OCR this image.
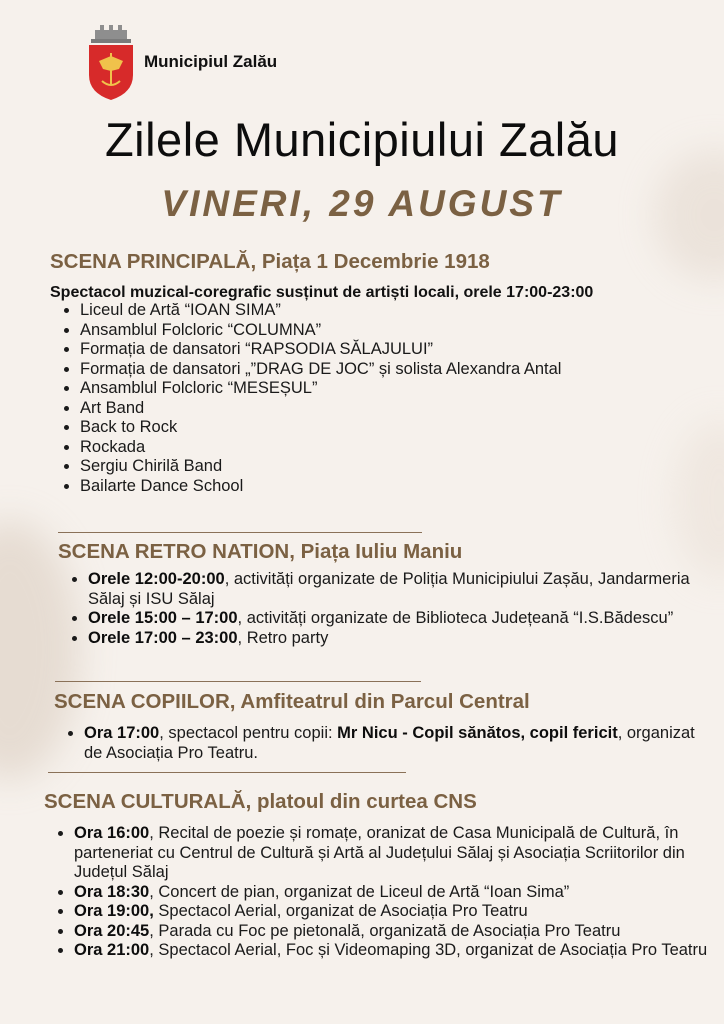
Municipiul Zalău
Zilele Municipiului Zalău
VINERI, 29 AUGUST
SCENA PRINCIPALĂ, Piața 1 Decembrie 1918
Spectacol muzical-coregrafic susținut de artiști locali, orele 17:00-23:00
• Liceul de Artă “IOAN SIMA”
• Ansamblul Folcloric “COLUMNA”
• Formația de dansatori “RAPSODIA SĂLAJULUI”
• Formația de dansatori „”DRAG DE JOC” și solista Alexandra Antal
• Ansamblul Folcloric “MESEȘUL”
• Art Band
• Back to Rock
• Rockada
• Sergiu Chirilă Band
• Bailarte Dance School
SCENA RETRO NATION, Piața Iuliu Maniu
• Orele 12:00-20:00, activități organizate de Poliția Municipiului Zașău, Jandarmeria Sălaj și ISU Sălaj
• Orele 15:00 – 17:00, activități organizate de Biblioteca Județeană “I.S.Bădescu”
• Orele 17:00 – 23:00, Retro party
SCENA COPIILOR, Amfiteatrul din Parcul Central
• Ora 17:00, spectacol pentru copii: Mr Nicu - Copil sănătos, copil fericit, organizat de Asociația Pro Teatru.
SCENA CULTURALĂ, platoul din curtea CNS
• Ora 16:00, Recital de poezie și romațe, oranizat de Casa Municipală de Cultură, în parteneriat cu Centrul de Cultură și Artă al Județului Sălaj și Asociația Scriitorilor din Județul Sălaj
• Ora 18:30, Concert de pian, organizat de Liceul de Artă “Ioan Sima”
• Ora 19:00, Spectacol Aerial, organizat de Asociația Pro Teatru
• Ora 20:45, Parada cu Foc pe pietonală, organizată de Asociația Pro Teatru
• Ora 21:00, Spectacol Aerial, Foc și Videomaping 3D, organizat de Asociația Pro Teatru
